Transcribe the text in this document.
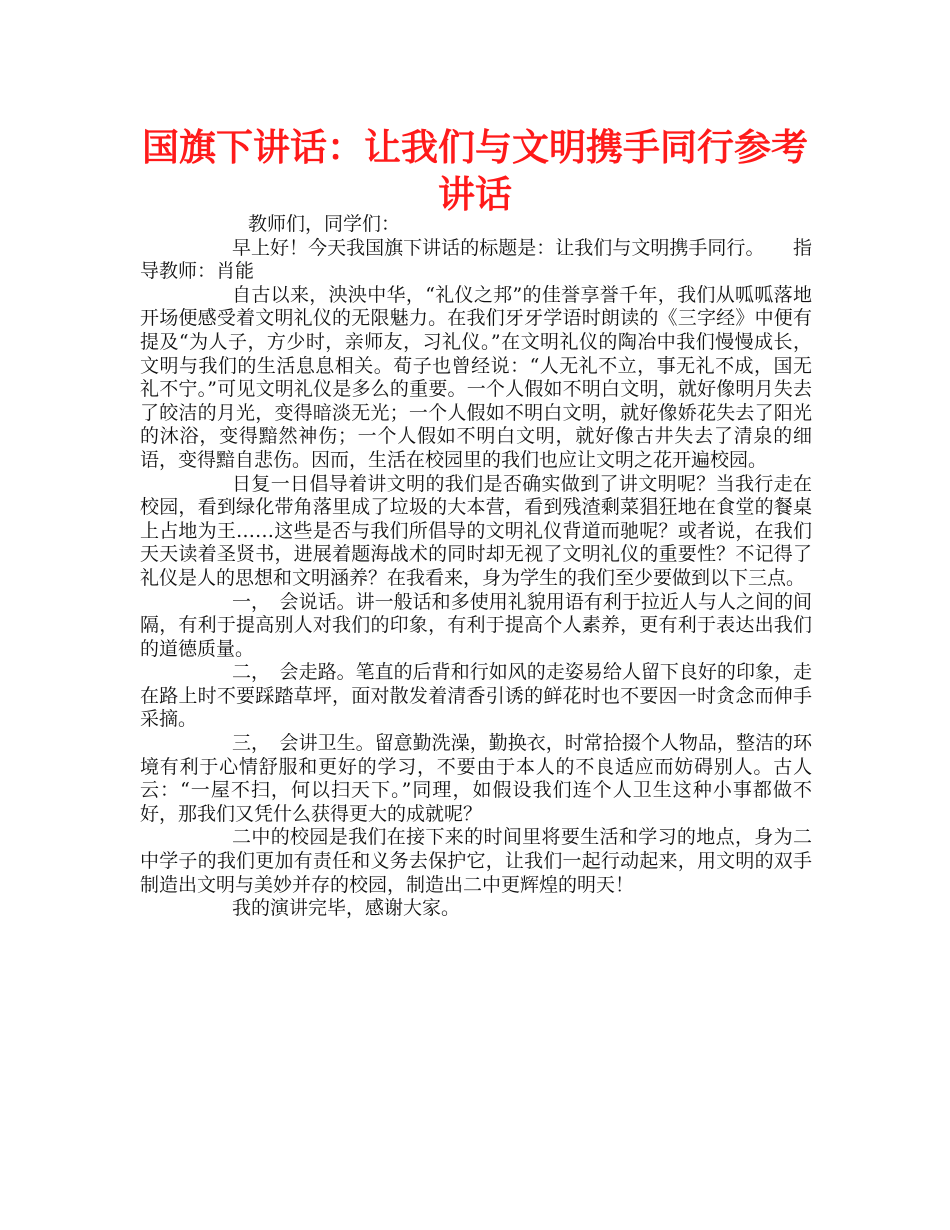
国旗下讲话：让我们与文明携手同行参考讲话

教师们，同学们：

早上好！今天我国旗下讲话的标题是：让我们与文明携手同行。　　指导教师：肖能

自古以来，泱泱中华，“礼仪之邦”的佳誉享誉千年，我们从呱呱落地开场便感受着文明礼仪的无限魅力。在我们牙牙学语时朗读的《三字经》中便有提及“为人子，方少时，亲师友，习礼仪。”在文明礼仪的陶冶中我们慢慢成长，文明与我们的生活息息相关。荀子也曾经说：“人无礼不立，事无礼不成，国无礼不宁。”可见文明礼仪是多么的重要。一个人假如不明白文明，就好像明月失去了皎洁的月光，变得暗淡无光；一个人假如不明白文明，就好像娇花失去了阳光的沐浴，变得黯然神伤；一个人假如不明白文明，就好像古井失去了清泉的细语，变得黯自悲伤。因而，生活在校园里的我们也应让文明之花开遍校园。

日复一日倡导着讲文明的我们是否确实做到了讲文明呢？当我行走在校园，看到绿化带角落里成了垃圾的大本营，看到残渣剩菜猖狂地在食堂的餐桌上占地为王……这些是否与我们所倡导的文明礼仪背道而驰呢？或者说，在我们天天读着圣贤书，进展着题海战术的同时却无视了文明礼仪的重要性？不记得了礼仪是人的思想和文明涵养？在我看来，身为学生的我们至少要做到以下三点。

一，　会说话。讲一般话和多使用礼貌用语有利于拉近人与人之间的间隔，有利于提高别人对我们的印象，有利于提高个人素养，更有利于表达出我们的道德质量。

二，　会走路。笔直的后背和行如风的走姿易给人留下良好的印象，走在路上时不要踩踏草坪，面对散发着清香引诱的鲜花时也不要因一时贪念而伸手采摘。

三，　会讲卫生。留意勤洗澡，勤换衣，时常拾掇个人物品，整洁的环境有利于心情舒服和更好的学习，不要由于本人的不良适应而妨碍别人。古人云：“一屋不扫，何以扫天下。”同理，如假设我们连个人卫生这种小事都做不好，那我们又凭什么获得更大的成就呢？

二中的校园是我们在接下来的时间里将要生活和学习的地点，身为二中学子的我们更加有责任和义务去保护它，让我们一起行动起来，用文明的双手制造出文明与美妙并存的校园，制造出二中更辉煌的明天！

我的演讲完毕，感谢大家。
